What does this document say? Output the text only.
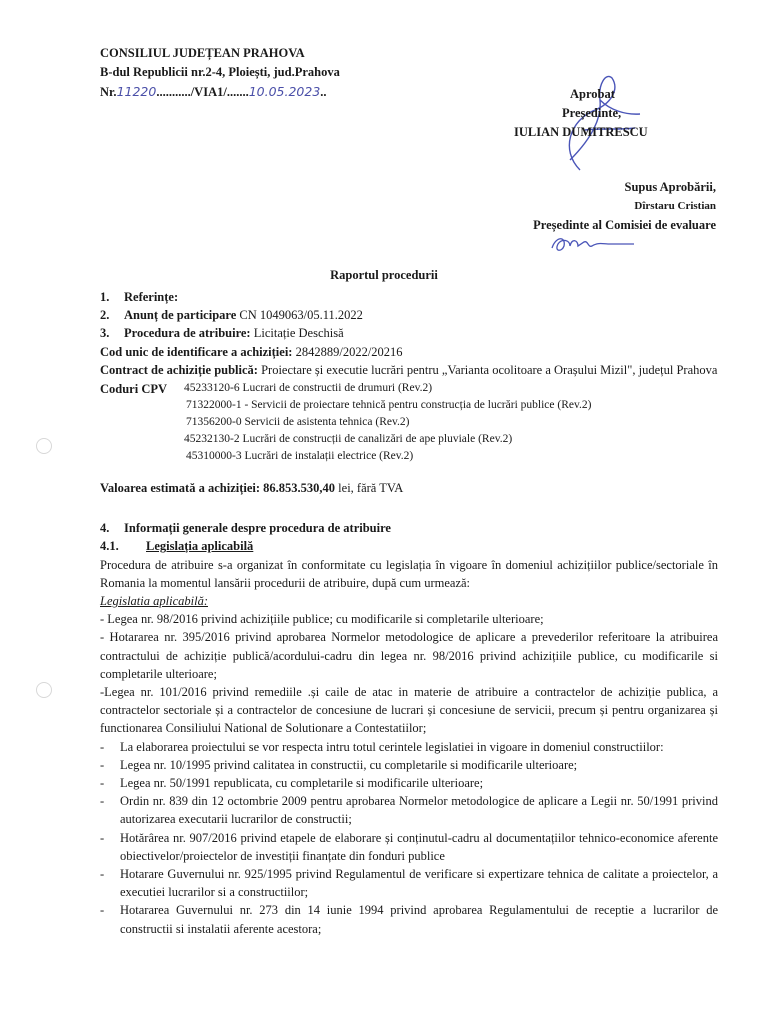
CONSILIUL JUDEȚEAN PRAHOVA
B-dul Republicii nr.2-4, Ploiești, jud.Prahova
Nr.11220.........../VIA1/.......10.05.2023..	Aprobat
Președinte,
IULIAN DUMITRESCU
Supus Aprobării,
Dîrstaru Cristian
Președinte al Comisiei de evaluare
Raportul procedurii

1. Referințe:

2. Anunț de participare CN 1049063/05.11.2022

3. Procedura de atribuire: Licitație Deschisă

Cod unic de identificare a achiziției: 2842889/2022/20216

Contract de achiziție publică: Proiectare și executie lucrări pentru „Varianta ocolitoare a Orașului Mizil", județul Prahova

Coduri CPV	45233120-6 Lucrari de constructii de drumuri (Rev.2)

71322000-1 - Servicii de proiectare tehnică pentru construcția de lucrări publice (Rev.2)

71356200-0 Servicii de asistenta tehnica (Rev.2)

45232130-2 Lucrări de construcții de canalizări de ape pluviale (Rev.2)

45310000-3 Lucrări de instalații electrice (Rev.2)

Valoarea estimată a achiziției: 86.853.530,40 lei, fără TVA

4. Informații generale despre procedura de atribuire

4.1. Legislația aplicabilă

Procedura de atribuire s-a organizat în conformitate cu legislația în vigoare în domeniul achizițiilor publice/sectoriale în Romania la momentul lansării procedurii de atribuire, după cum urmează:

Legislatia aplicabilă:

- Legea nr. 98/2016 privind achizițiile publice; cu modificarile si completarile ulterioare;

- Hotararea nr. 395/2016 privind aprobarea Normelor metodologice de aplicare a prevederilor referitoare la atribuirea contractului de achiziție publică/acordului-cadru din legea nr. 98/2016 privind achizițiile publice, cu modificarile si completarile ulterioare;

-Legea nr. 101/2016 privind remediile .și caile de atac in materie de atribuire a contractelor de achiziție publica, a contractelor sectoriale și a contractelor de concesiune de lucrari și concesiune de servicii, precum și pentru organizarea și functionarea Consiliului National de Solutionare a Contestatiilor;

-	La elaborarea proiectului se vor respecta intru totul cerintele legislatiei in vigoare in domeniul constructiilor:
-	Legea nr. 10/1995 privind calitatea in constructii, cu completarile si modificarile ulterioare;
-	Legea nr. 50/1991 republicata, cu completarile si modificarile ulterioare;
-	Ordin nr. 839 din 12 octombrie 2009 pentru aprobarea Normelor metodologice de aplicare a Legii nr. 50/1991 privind autorizarea executarii lucrarilor de constructii;
-	Hotărârea nr. 907/2016 privind etapele de elaborare și conținutul-cadru al documentațiilor tehnico-economice aferente obiectivelor/proiectelor de investiții finanțate din fonduri publice
-	Hotarare Guvernului nr. 925/1995 privind Regulamentul de verificare si expertizare tehnica de calitate a proiectelor, a executiei lucrarilor si a constructiilor;
-	Hotararea Guvernului nr. 273 din 14 iunie 1994 privind aprobarea Regulamentului de receptie a lucrarilor de constructii si instalatii aferente acestora;
